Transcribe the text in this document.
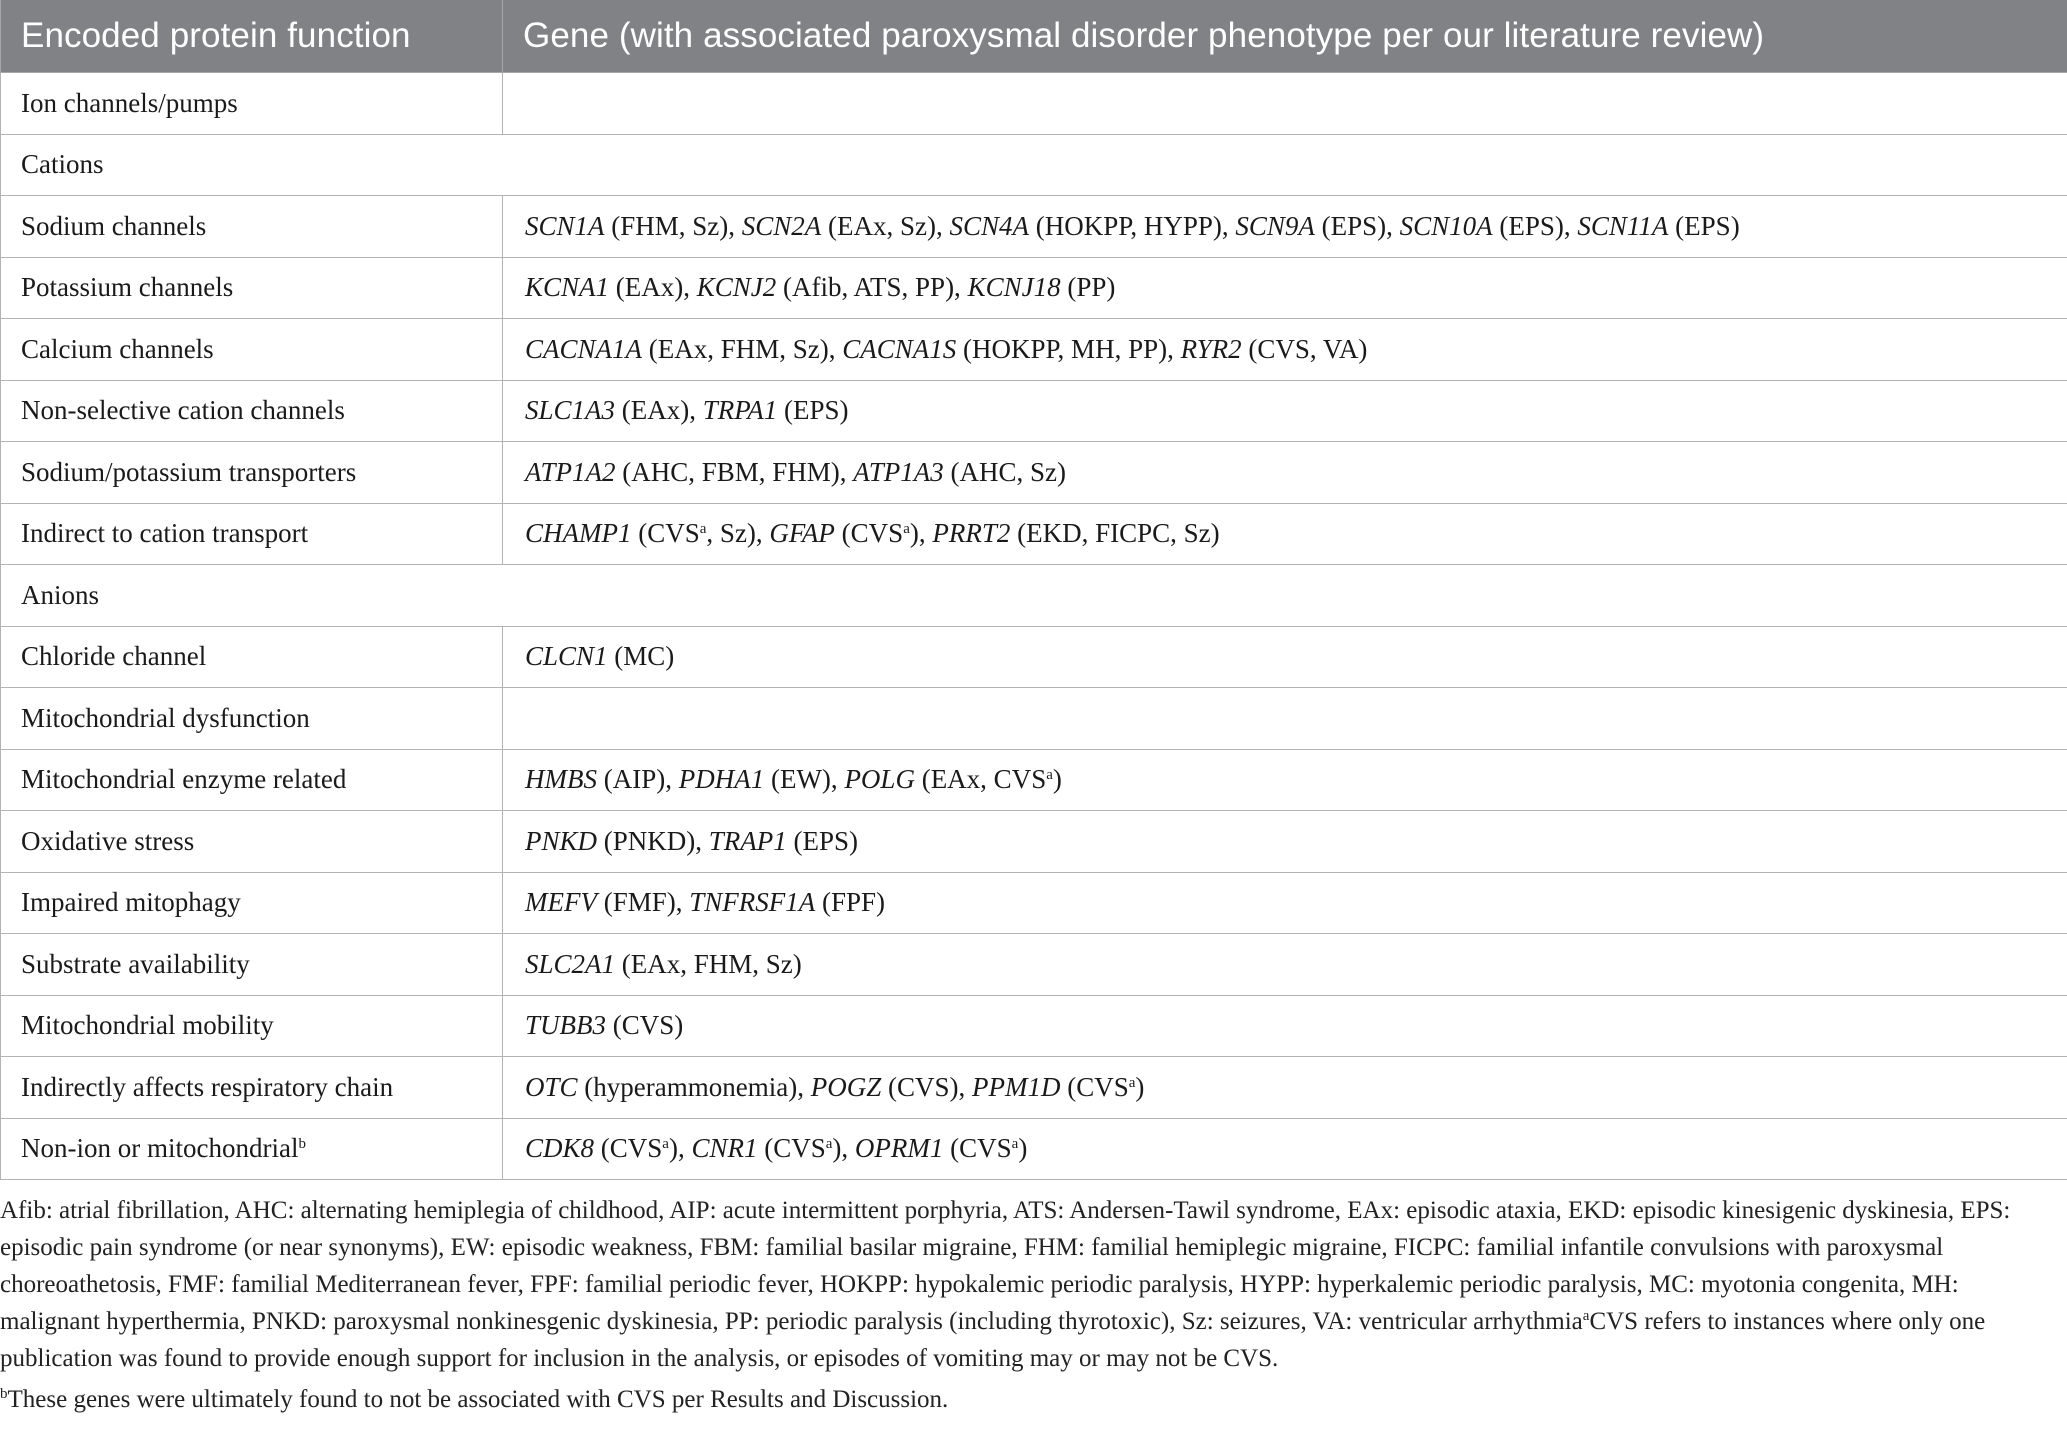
Encoded protein function	Gene (with associated paroxysmal disorder phenotype per our literature review)
Ion channels/pumps	
Cations	
Sodium channels	SCN1A (FHM, Sz), SCN2A (EAx, Sz), SCN4A (HOKPP, HYPP), SCN9A (EPS), SCN10A (EPS), SCN11A (EPS)
Potassium channels	KCNA1 (EAx), KCNJ2 (Afib, ATS, PP), KCNJ18 (PP)
Calcium channels	CACNA1A (EAx, FHM, Sz), CACNA1S (HOKPP, MH, PP), RYR2 (CVS, VA)
Non-selective cation channels	SLC1A3 (EAx), TRPA1 (EPS)
Sodium/potassium transporters	ATP1A2 (AHC, FBM, FHM), ATP1A3 (AHC, Sz)
Indirect to cation transport	CHAMP1 (CVS$^a$, Sz), GFAP (CVS$^a$), PRRT2 (EKD, FICPC, Sz)
Anions	
Chloride channel	CLCN1 (MC)
Mitochondrial dysfunction	
Mitochondrial enzyme related	HMBS (AIP), PDHA1 (EW), POLG (EAx, CVS$^a$)
Oxidative stress	PNKD (PNKD), TRAP1 (EPS)
Impaired mitophagy	MEFV (FMF), TNFRSF1A (FPF)
Substrate availability	SLC2A1 (EAx, FHM, Sz)
Mitochondrial mobility	TUBB3 (CVS)
Indirectly affects respiratory chain	OTC (hyperammonemia), POGZ (CVS), PPM1D (CVS$^a$)
Non-ion or mitochondrial$^b$	CDK8 (CVS$^a$), CNR1 (CVS$^a$), OPRM1 (CVS$^a$)

Afib: atrial fibrillation, AHC: alternating hemiplegia of childhood, AIP: acute intermittent porphyria, ATS: Andersen-Tawil syndrome, EAx: episodic ataxia, EKD: episodic kinesigenic dyskinesia, EPS: episodic pain syndrome (or near synonyms), EW: episodic weakness, FBM: familial basilar migraine, FHM: familial hemiplegic migraine, FICPC: familial infantile convulsions with paroxysmal choreoathetosis, FMF: familial Mediterranean fever, FPF: familial periodic fever, HOKPP: hypokalemic periodic paralysis, HYPP: hyperkalemic periodic paralysis, MC: myotonia congenita, MH: malignant hyperthermia, PNKD: paroxysmal nonkinesgenic dyskinesia, PP: periodic paralysis (including thyrotoxic), Sz: seizures, VA: ventricular arrhythmia$^a$CVS refers to instances where only one publication was found to provide enough support for inclusion in the analysis, or episodes of vomiting may or may not be CVS.

$^b$These genes were ultimately found to not be associated with CVS per Results and Discussion.
